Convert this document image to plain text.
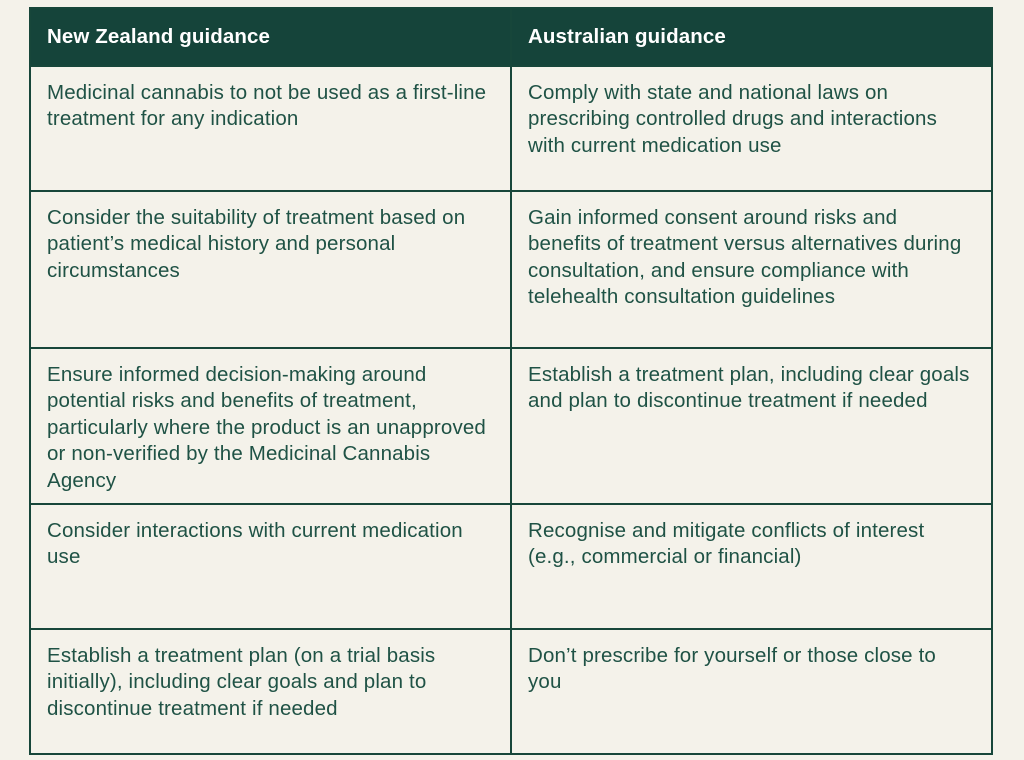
New Zealand guidance	Australian guidance
Medicinal cannabis to not be used as a first-line treatment for any indication	Comply with state and national laws on prescribing controlled drugs and interactions with current medication use
Consider the suitability of treatment based on patient’s medical history and personal circumstances	Gain informed consent around risks and benefits of treatment versus alternatives during consultation, and ensure compliance with telehealth consultation guidelines
Ensure informed decision-making around potential risks and benefits of treatment, particularly where the product is an unapproved or non-verified by the Medicinal Cannabis Agency	Establish a treatment plan, including clear goals and plan to discontinue treatment if needed
Consider interactions with current medication use	Recognise and mitigate conflicts of interest (e.g., commercial or financial)
Establish a treatment plan (on a trial basis initially), including clear goals and plan to discontinue treatment if needed	Don’t prescribe for yourself or those close to you
